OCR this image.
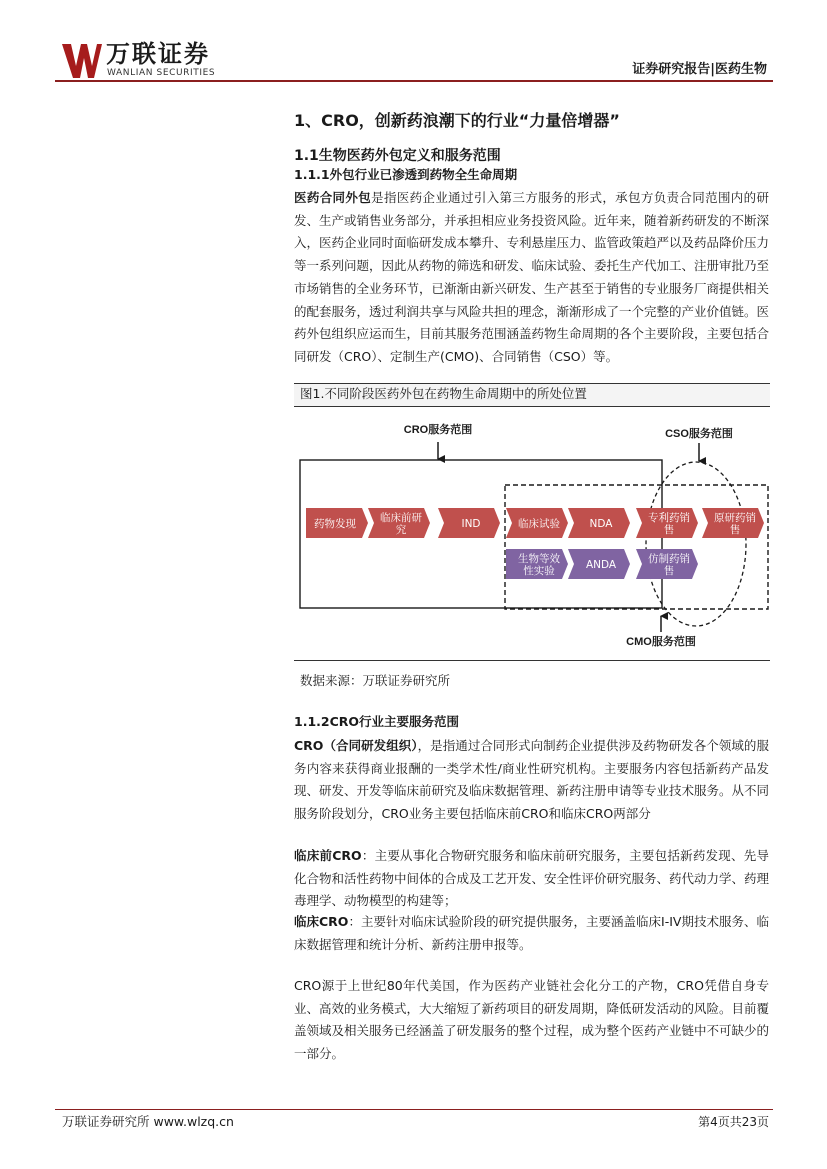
万联证券
WANLIAN SECURITIES	证券研究报告|医药生物
1、CRO，创新药浪潮下的行业“力量倍增器”
1.1生物医药外包定义和服务范围
1.1.1外包行业已渗透到药物全生命周期
医药合同外包是指医药企业通过引入第三方服务的形式，承包方负责合同范围内的研发、生产或销售业务部分，并承担相应业务投资风险。近年来，随着新药研发的不断深入，医药企业同时面临研发成本攀升、专利悬崖压力、监管政策趋严以及药品降价压力等一系列问题，因此从药物的筛选和研发、临床试验、委托生产代加工、注册审批乃至市场销售的全业务环节，已渐渐由新兴研发、生产甚至于销售的专业服务厂商提供相关的配套服务，透过利润共享与风险共担的理念，渐渐形成了一个完整的产业价值链。医药外包组织应运而生，目前其服务范围涵盖药物生命周期的各个主要阶段，主要包括合同研发（CRO）、定制生产(CMO)、合同销售（CSO）等。
图1.不同阶段医药外包在药物生命周期中的所处位置
CRO服务范围	CSO服务范围
CMO服务范围
药物发现 临床前研究	IND	临床试验	NDA	专利药销售
原研药销售
生物等效性实验	ANDA	仿制药销售
数据来源：万联证券研究所
1.1.2CRO行业主要服务范围
CRO（合同研发组织），是指通过合同形式向制药企业提供涉及药物研发各个领域的服务内容来获得商业报酬的一类学术性/商业性研究机构。主要服务内容包括新药产品发现、研发、开发等临床前研究及临床数据管理、新药注册申请等专业技术服务。从不同服务阶段划分，CRO业务主要包括临床前CRO和临床CRO两部分
临床前CRO：主要从事化合物研究服务和临床前研究服务，主要包括新药发现、先导化合物和活性药物中间体的合成及工艺开发、安全性评价研究服务、药代动力学、药理毒理学、动物模型的构建等；
临床CRO：主要针对临床试验阶段的研究提供服务，主要涵盖临床I-IV期技术服务、临床数据管理和统计分析、新药注册申报等。
CRO源于上世纪80年代美国，作为医药产业链社会化分工的产物，CRO凭借自身专业、高效的业务模式，大大缩短了新药项目的研发周期，降低研发活动的风险。目前覆盖领域及相关服务已经涵盖了研发服务的整个过程，成为整个医药产业链中不可缺少的一部分。
万联证券研究所 www.wlzq.cn	第4页共23页
